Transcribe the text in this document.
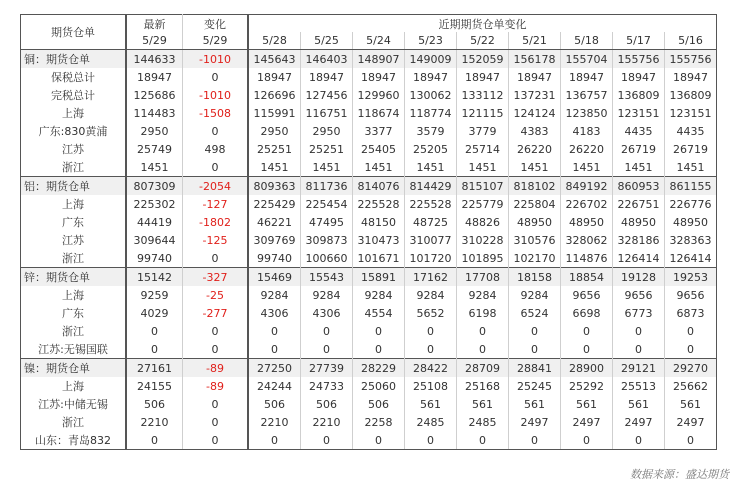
期货仓单	最新	变化	近期期货仓单变化								
	5/29	5/29	5/28	5/25	5/24	5/23	5/22	5/21	5/18	5/17	5/16
铜：期货仓单	144633	-1010	145643	146403	148907	149009	152059	156178	155704	155756	155756
保税总计	18947	0	18947	18947	18947	18947	18947	18947	18947	18947	18947
完税总计	125686	-1010	126696	127456	129960	130062	133112	137231	136757	136809	136809
上海	114483	-1508	115991	116751	118674	118774	121115	124124	123850	123151	123151
广东:830黄浦	2950	0	2950	2950	3377	3579	3779	4383	4183	4435	4435
江苏	25749	498	25251	25251	25405	25205	25714	26220	26220	26719	26719
浙江	1451	0	1451	1451	1451	1451	1451	1451	1451	1451	1451
铝：期货仓单	807309	-2054	809363	811736	814076	814429	815107	818102	849192	860953	861155
上海	225302	-127	225429	225454	225528	225528	225779	225804	226702	226751	226776
广东	44419	-1802	46221	47495	48150	48725	48826	48950	48950	48950	48950
江苏	309644	-125	309769	309873	310473	310077	310228	310576	328062	328186	328363
浙江	99740	0	99740	100660	101671	101720	101895	102170	114876	126414	126414
锌：期货仓单	15142	-327	15469	15543	15891	17162	17708	18158	18854	19128	19253
上海	9259	-25	9284	9284	9284	9284	9284	9284	9656	9656	9656
广东	4029	-277	4306	4306	4554	5652	6198	6524	6698	6773	6873
浙江	0	0	0	0	0	0	0	0	0	0	0
江苏:无锡国联	0	0	0	0	0	0	0	0	0	0	0
镍：期货仓单	27161	-89	27250	27739	28229	28422	28709	28841	28900	29121	29270
上海	24155	-89	24244	24733	25060	25108	25168	25245	25292	25513	25662
江苏:中储无锡	506	0	506	506	506	561	561	561	561	561	561
浙江	2210	0	2210	2210	2258	2485	2485	2497	2497	2497	2497
山东：青岛832	0	0	0	0	0	0	0	0	0	0	0
数据来源：盛达期货
